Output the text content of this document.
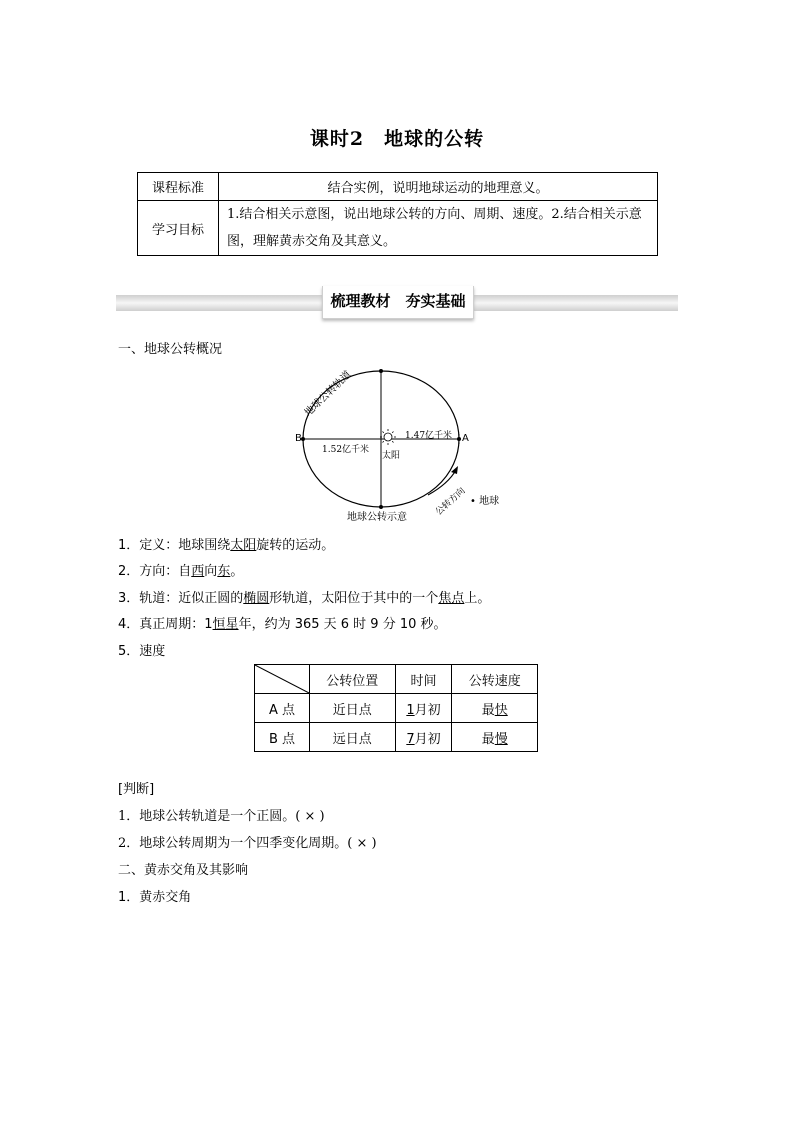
课时2　地球的公转
课程标准	结合实例，说明地球运动的地理意义。
学习目标	1.结合相关示意图，说出地球公转的方向、周期、速度。2.结合相关示意图，理解黄赤交角及其意义。
梳理教材　夯实基础
一、地球公转概况
地球公转轨道
B	A
1.52亿千米
1.47亿千米
太阳
公转方向 • 地球
地球公转示意
1．定义：地球围绕太阳旋转的运动。
2．方向：自西向东。
3．轨道：近似正圆的椭圆形轨道，太阳位于其中的一个焦点上。
4．真正周期：1恒星年，约为 365 天 6 时 9 分 10 秒。
5．速度
	公转位置	时间	公转速度
A 点	近日点	1月初	最快
B 点	远日点	7月初	最慢
[判断]
1．地球公转轨道是一个正圆。( × )
2．地球公转周期为一个四季变化周期。( × )
二、黄赤交角及其影响
1．黄赤交角
